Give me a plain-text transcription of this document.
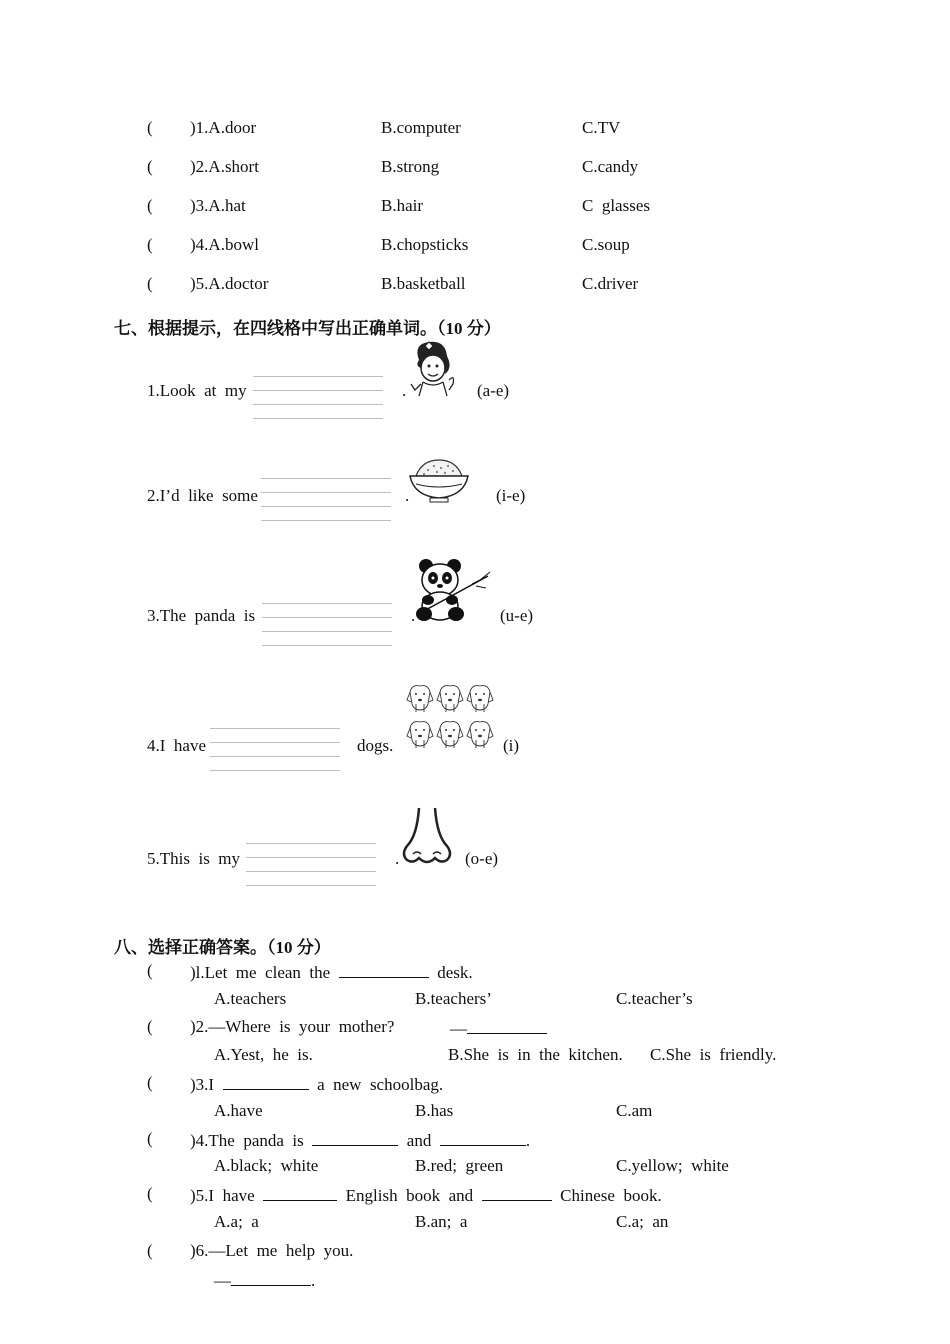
( )1.A.door	B.computer	C.TV
( )2.A.short	B.strong	C.candy
( )3.A.hat	B.hair	C  glasses
( )4.A.bowl	B.chopsticks	C.soup
( )5.A.doctor	B.basketball	C.driver
七、根据提示，在四线格中写出正确单词。（10 分）
1.Look  at  my	.	(a-e)
2.I’d  like  some	.	(i-e)
3.The  panda  is	.	(u-e)
4.I  have	dogs.	(i)
5.This  is  my	.	(o-e)
八、选择正确答案。（10 分）
( )l.Let  me  clean  the	desk.
A.teachers	B.teachers’	C.teacher’s
( )2.—Where  is  your  mother?	—
A.Yest,  he  is.	B.She  is  in  the  kitchen. C.She  is  friendly.
( )3.I	a  new  schoolbag.
A.have	B.has	C.am
( )4.The  panda  is	and	.
A.black;  white	B.red;  green	C.yellow;  white
( )5.I  have	English  book  and	Chinese  book.
A.a;  a	B.an;  a	C.a;  an
( )6.—Let  me  help  you.
—	.
